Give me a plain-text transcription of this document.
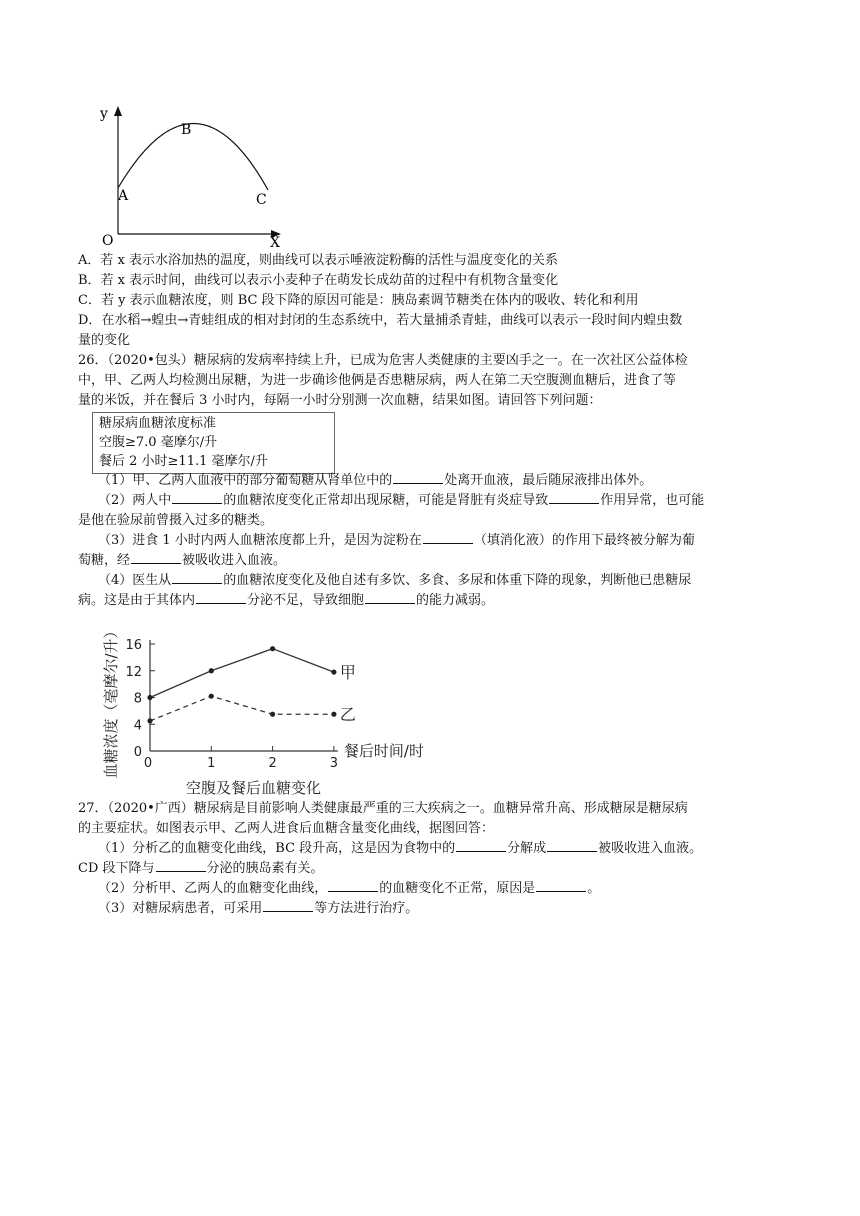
y
X
O
A
B
C
A．若 x 表示水浴加热的温度，则曲线可以表示唾液淀粉酶的活性与温度变化的关系
B．若 x 表示时间，曲线可以表示小麦种子在萌发长成幼苗的过程中有机物含量变化
C．若 y 表示血糖浓度，则 BC 段下降的原因可能是：胰岛素调节糖类在体内的吸收、转化和利用
D．在水稻→蝗虫→青蛙组成的相对封闭的生态系统中，若大量捕杀青蛙，曲线可以表示一段时间内蝗虫数
量的变化
26．（2020•包头）糖尿病的发病率持续上升，已成为危害人类健康的主要凶手之一。在一次社区公益体检
中，甲、乙两人均检测出尿糖，为进一步确诊他俩是否患糖尿病，两人在第二天空腹测血糖后，进食了等
量的米饭，并在餐后 3 小时内，每隔一小时分别测一次血糖，结果如图。请回答下列问题：
糖尿病血糖浓度标准
空腹≥7.0 毫摩尔/升
餐后 2 小时≥11.1 毫摩尔/升
（1）甲、乙两人血液中的部分葡萄糖从肾单位中的	处离开血液，最后随尿液排出体外。
（2）两人中	的血糖浓度变化正常却出现尿糖，可能是肾脏有炎症导致	作用异常，也可能
是他在验尿前曾摄入过多的糖类。
（3）进食 1 小时内两人血糖浓度都上升，是因为淀粉在	（填消化液）的作用下最终被分解为葡
萄糖，经	被吸收进入血液。
（4）医生从	的血糖浓度变化及他自述有多饮、多食、多尿和体重下降的现象，判断他已患糖尿
病。这是由于其体内	分泌不足，导致细胞	的能力减弱。
0
4
8
12
16
0	1	2	3
甲
乙
血糖浓度（毫摩尔/升）	餐后时间/时
空腹及餐后血糖变化
27．（2020•广西）糖尿病是目前影响人类健康最严重的三大疾病之一。血糖异常升高、形成糖尿是糖尿病
的主要症状。如图表示甲、乙两人进食后血糖含量变化曲线，据图回答：
（1）分析乙的血糖变化曲线，BC 段升高，这是因为食物中的	分解成	被吸收进入血液。
CD 段下降与	分泌的胰岛素有关。
（2）分析甲、乙两人的血糖变化曲线，	的血糖变化不正常，原因是	。
（3）对糖尿病患者，可采用	等方法进行治疗。
